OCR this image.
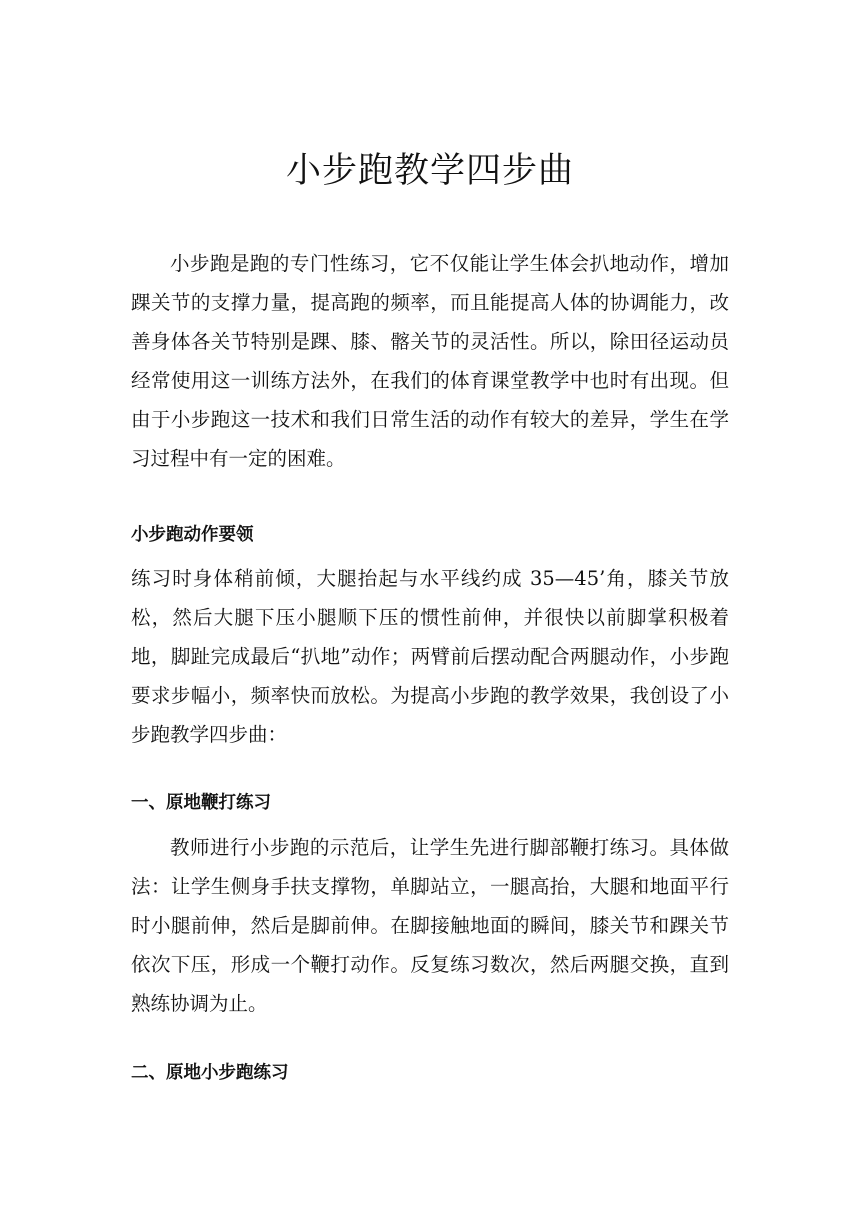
小步跑教学四步曲

小步跑是跑的专门性练习，它不仅能让学生体会扒地动作，增加踝关节的支撑力量，提高跑的频率，而且能提高人体的协调能力，改善身体各关节特别是踝、膝、髂关节的灵活性。所以，除田径运动员经常使用这一训练方法外，在我们的体育课堂教学中也时有出现。但由于小步跑这一技术和我们日常生活的动作有较大的差异，学生在学习过程中有一定的困难。

小步跑动作要领

练习时身体稍前倾，大腿抬起与水平线约成 35—45’角，膝关节放松，然后大腿下压小腿顺下压的惯性前伸，并很快以前脚掌积极着地，脚趾完成最后“扒地”动作；两臂前后摆动配合两腿动作，小步跑要求步幅小，频率快而放松。为提高小步跑的教学效果，我创设了小步跑教学四步曲：

一、原地鞭打练习

教师进行小步跑的示范后，让学生先进行脚部鞭打练习。具体做法：让学生侧身手扶支撑物，单脚站立，一腿高抬，大腿和地面平行时小腿前伸，然后是脚前伸。在脚接触地面的瞬间，膝关节和踝关节依次下压，形成一个鞭打动作。反复练习数次，然后两腿交换，直到熟练协调为止。

二、原地小步跑练习
